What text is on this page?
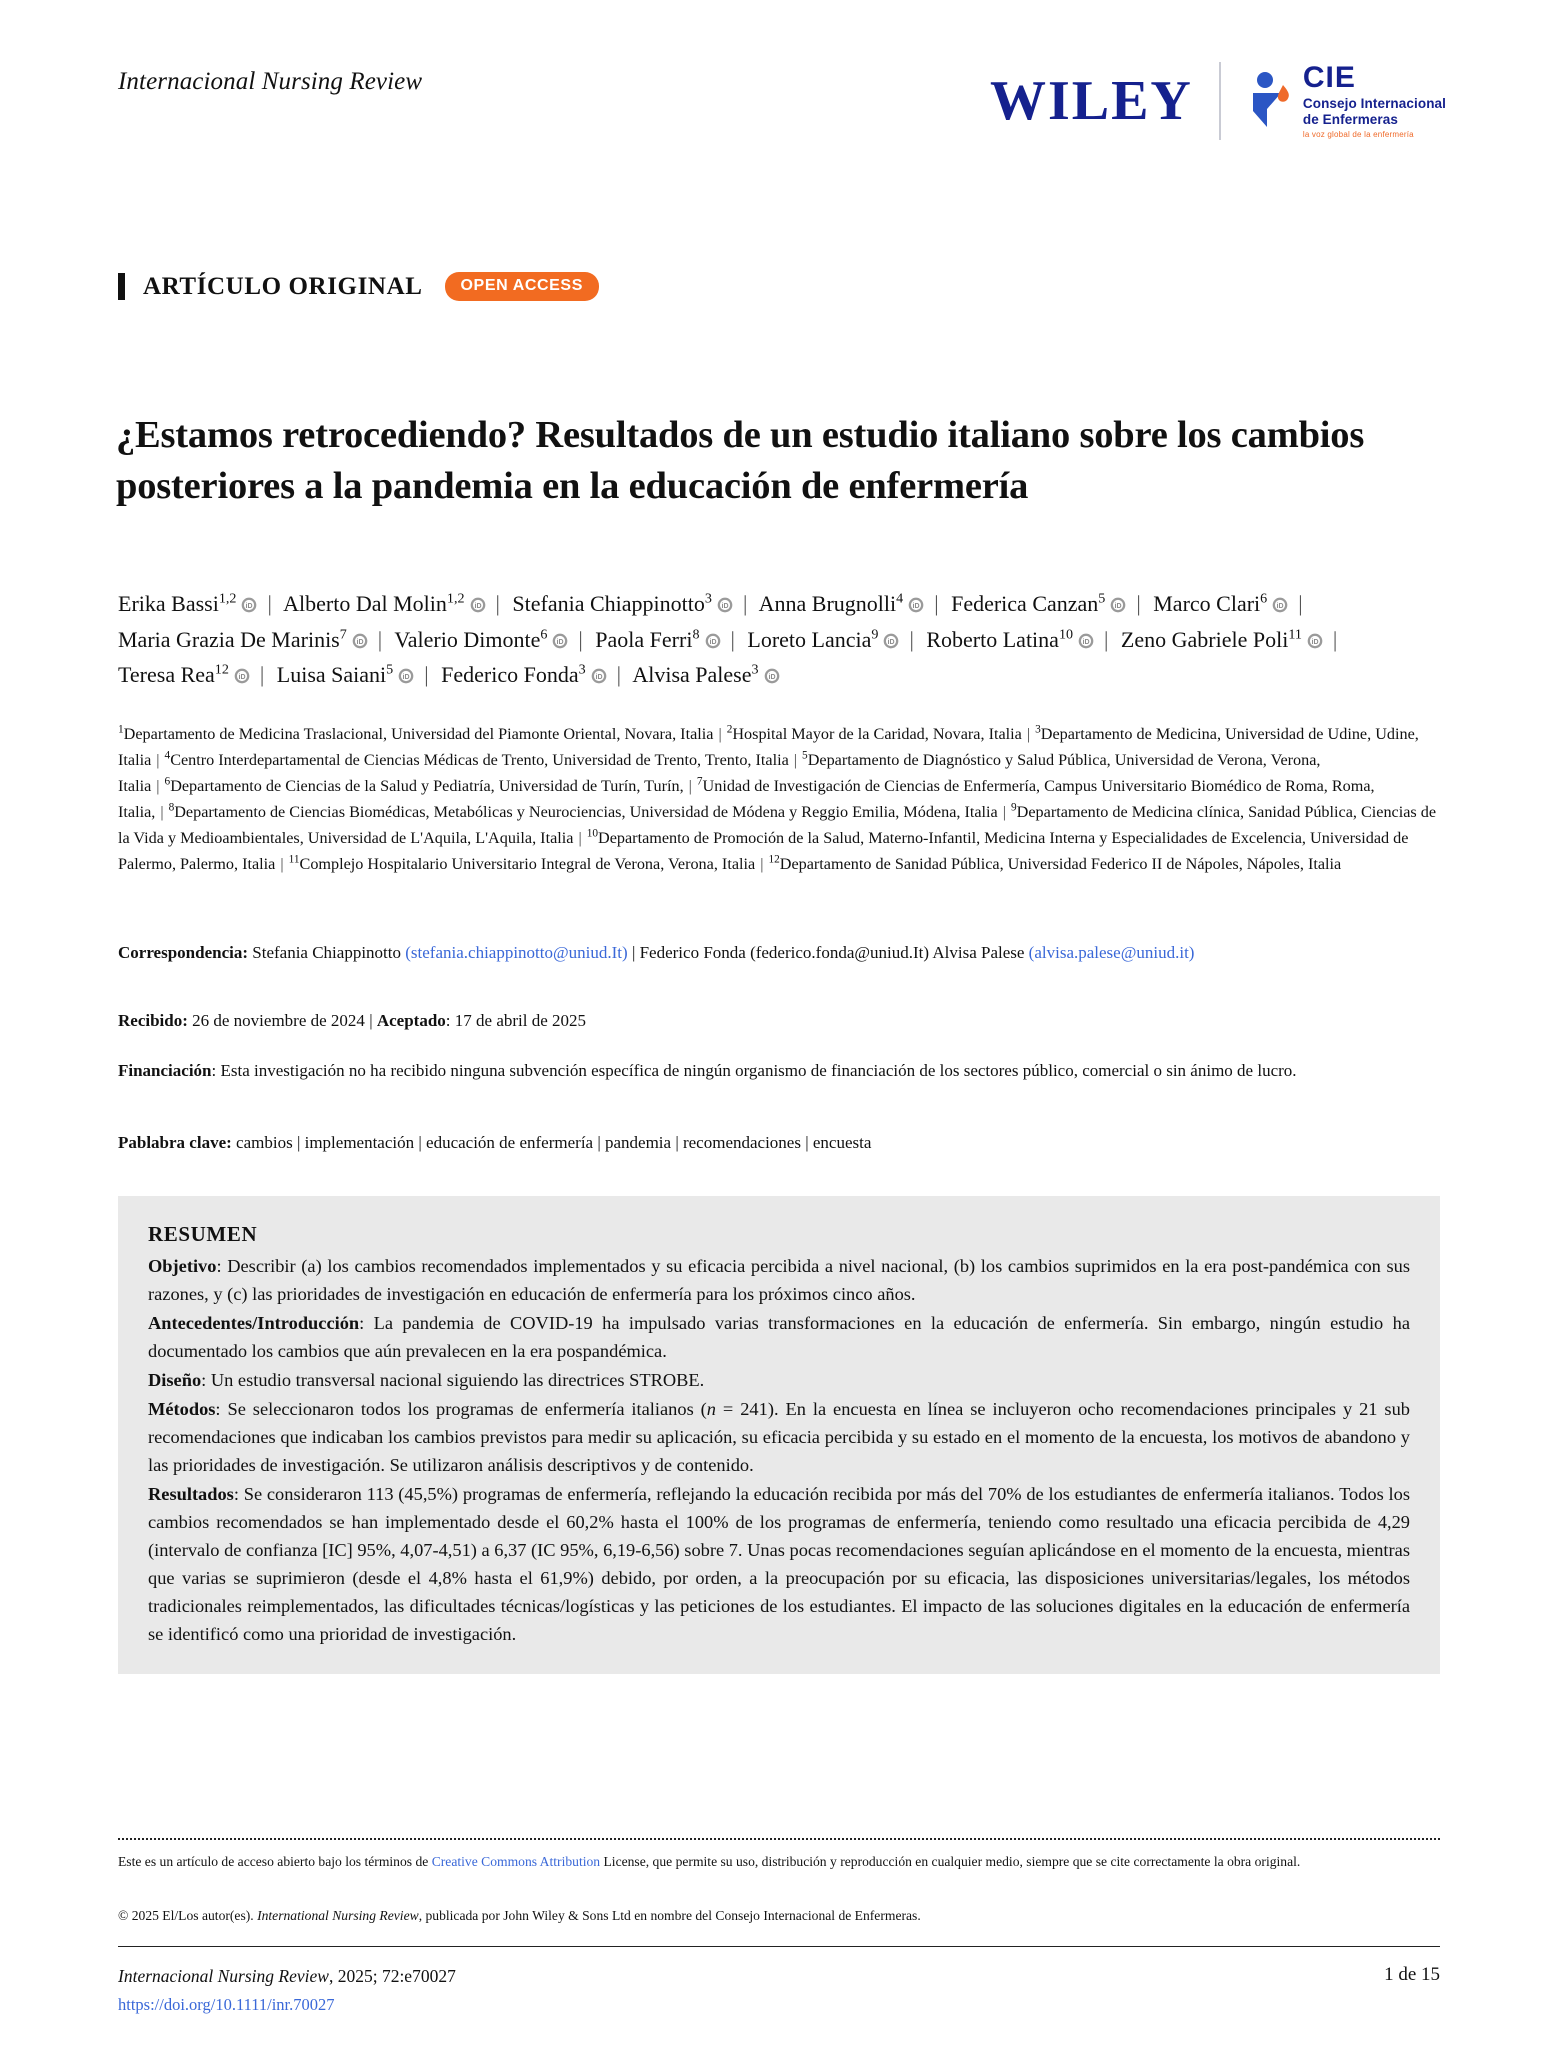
Internacional Nursing Review	WILEY	CIE
Consejo Internacional
de Enfermeras
la voz global de la enfermería
ARTÍCULO ORIGINAL	OPEN ACCESS
¿Estamos retrocediendo? Resultados de un estudio italiano sobre los cambios posteriores a la pandemia en la educación de enfermería
Erika Bassi$^{1,2}$ iD | Alberto Dal Molin$^{1,2}$ iD | Stefania Chiappinotto$^3$ iD | Anna Brugnolli$^4$ iD | Federica Canzan$^5$ iD | Marco Clari$^6$ iD | Maria Grazia De Marinis$^7$ iD | Valerio Dimonte$^6$ iD | Paola Ferri$^8$ iD | Loreto Lancia$^9$ iD | Roberto Latina$^{10}$ iD | Zeno Gabriele Poli$^{11}$ iD | Teresa Rea$^{12}$ iD | Luisa Saiani$^5$ iD | Federico Fonda$^3$ iD | Alvisa Palese$^3$ iD
$^1$Departamento de Medicina Traslacional, Universidad del Piamonte Oriental, Novara, Italia | $^2$Hospital Mayor de la Caridad, Novara, Italia | $^3$Departamento de Medicina, Universidad de Udine, Udine, Italia | $^4$Centro Interdepartamental de Ciencias Médicas de Trento, Universidad de Trento, Trento, Italia | $^5$Departamento de Diagnóstico y Salud Pública, Universidad de Verona, Verona, Italia | $^6$Departamento de Ciencias de la Salud y Pediatría, Universidad de Turín, Turín, | $^7$Unidad de Investigación de Ciencias de Enfermería, Campus Universitario Biomédico de Roma, Roma, Italia, | $^8$Departamento de Ciencias Biomédicas, Metabólicas y Neurociencias, Universidad de Módena y Reggio Emilia, Módena, Italia | $^9$Departamento de Medicina clínica, Sanidad Pública, Ciencias de la Vida y Medioambientales, Universidad de L'Aquila, L'Aquila, Italia | $^{10}$Departamento de Promoción de la Salud, Materno-Infantil, Medicina Interna y Especialidades de Excelencia, Universidad de Palermo, Palermo, Italia | $^{11}$Complejo Hospitalario Universitario Integral de Verona, Verona, Italia | $^{12}$Departamento de Sanidad Pública, Universidad Federico II de Nápoles, Nápoles, Italia
Correspondencia: Stefania Chiappinotto (stefania.chiappinotto@uniud.It) | Federico Fonda (federico.fonda@uniud.It) Alvisa Palese (alvisa.palese@uniud.it)
Recibido: 26 de noviembre de 2024 | Aceptado: 17 de abril de 2025
Financiación: Esta investigación no ha recibido ninguna subvención específica de ningún organismo de financiación de los sectores público, comercial o sin ánimo de lucro.
Pablabra clave: cambios | implementación | educación de enfermería | pandemia | recomendaciones | encuesta
RESUMEN

Objetivo: Describir (a) los cambios recomendados implementados y su eficacia percibida a nivel nacional, (b) los cambios suprimidos en la era post-pandémica con sus razones, y (c) las prioridades de investigación en educación de enfermería para los próximos cinco años.

Antecedentes/Introducción: La pandemia de COVID-19 ha impulsado varias transformaciones en la educación de enfermería. Sin embargo, ningún estudio ha documentado los cambios que aún prevalecen en la era pospandémica.

Diseño: Un estudio transversal nacional siguiendo las directrices STROBE.

Métodos: Se seleccionaron todos los programas de enfermería italianos (n = 241). En la encuesta en línea se incluyeron ocho recomendaciones principales y 21 sub recomendaciones que indicaban los cambios previstos para medir su aplicación, su eficacia percibida y su estado en el momento de la encuesta, los motivos de abandono y las prioridades de investigación. Se utilizaron análisis descriptivos y de contenido.

Resultados: Se consideraron 113 (45,5%) programas de enfermería, reflejando la educación recibida por más del 70% de los estudiantes de enfermería italianos. Todos los cambios recomendados se han implementado desde el 60,2% hasta el 100% de los programas de enfermería, teniendo como resultado una eficacia percibida de 4,29 (intervalo de confianza [IC] 95%, 4,07-4,51) a 6,37 (IC 95%, 6,19-6,56) sobre 7. Unas pocas recomendaciones seguían aplicándose en el momento de la encuesta, mientras que varias se suprimieron (desde el 4,8% hasta el 61,9%) debido, por orden, a la preocupación por su eficacia, las disposiciones universitarias/legales, los métodos tradicionales reimplementados, las dificultades técnicas/logísticas y las peticiones de los estudiantes. El impacto de las soluciones digitales en la educación de enfermería se identificó como una prioridad de investigación.

Este es un artículo de acceso abierto bajo los términos de Creative Commons Attribution License, que permite su uso, distribución y reproducción en cualquier medio, siempre que se cite correctamente la obra original.
© 2025 El/Los autor(es). International Nursing Review, publicada por John Wiley & Sons Ltd en nombre del Consejo Internacional de Enfermeras.
Internacional Nursing Review, 2025; 72:e70027
https://doi.org/10.1111/inr.70027
1 de 15
